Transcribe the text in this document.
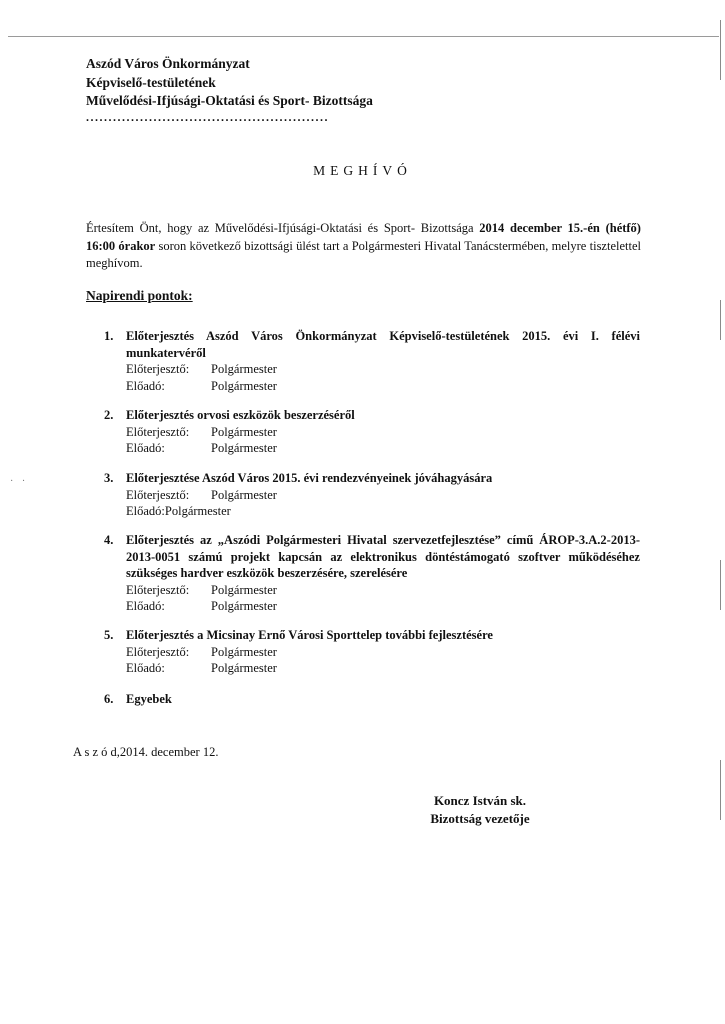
· ·
Aszód Város Önkormányzat
Képviselő-testületének
Művelődési-Ifjúsági-Oktatási és Sport- Bizottsága
......................................................
MEGHÍVÓ
Értesítem Önt, hogy az Művelődési-Ifjúsági-Oktatási és Sport- Bizottsága 2014 december 15.-én (hétfő) 16:00 órakor soron következő bizottsági ülést tart a Polgármesteri Hivatal Tanácstermében, melyre tisztelettel meghívom.
Napirendi pontok:
1. Előterjesztés Aszód Város Önkormányzat Képviselő-testületének 2015. évi I. félévi munkatervéről
Előterjesztő: Polgármester
Előadó:	Polgármester
2. Előterjesztés orvosi eszközök beszerzéséről
Előterjesztő: Polgármester
Előadó:	Polgármester
3. Előterjesztése Aszód Város 2015. évi rendezvényeinek jóváhagyására
Előterjesztő: Polgármester
Előadó:Polgármester
4. Előterjesztés az „Aszódi Polgármesteri Hivatal szervezetfejlesztése” című ÁROP-3.A.2-2013-2013-0051 számú projekt kapcsán az elektronikus döntéstámogató szoftver működéséhez szükséges hardver eszközök beszerzésére, szerelésére
Előterjesztő: Polgármester
Előadó:	Polgármester
5. Előterjesztés a Micsinay Ernő Városi Sporttelep további fejlesztésére
Előterjesztő: Polgármester
Előadó:	Polgármester
6. Egyebek
A s z ó d,2014. december 12.
Koncz István sk.
Bizottság vezetője
